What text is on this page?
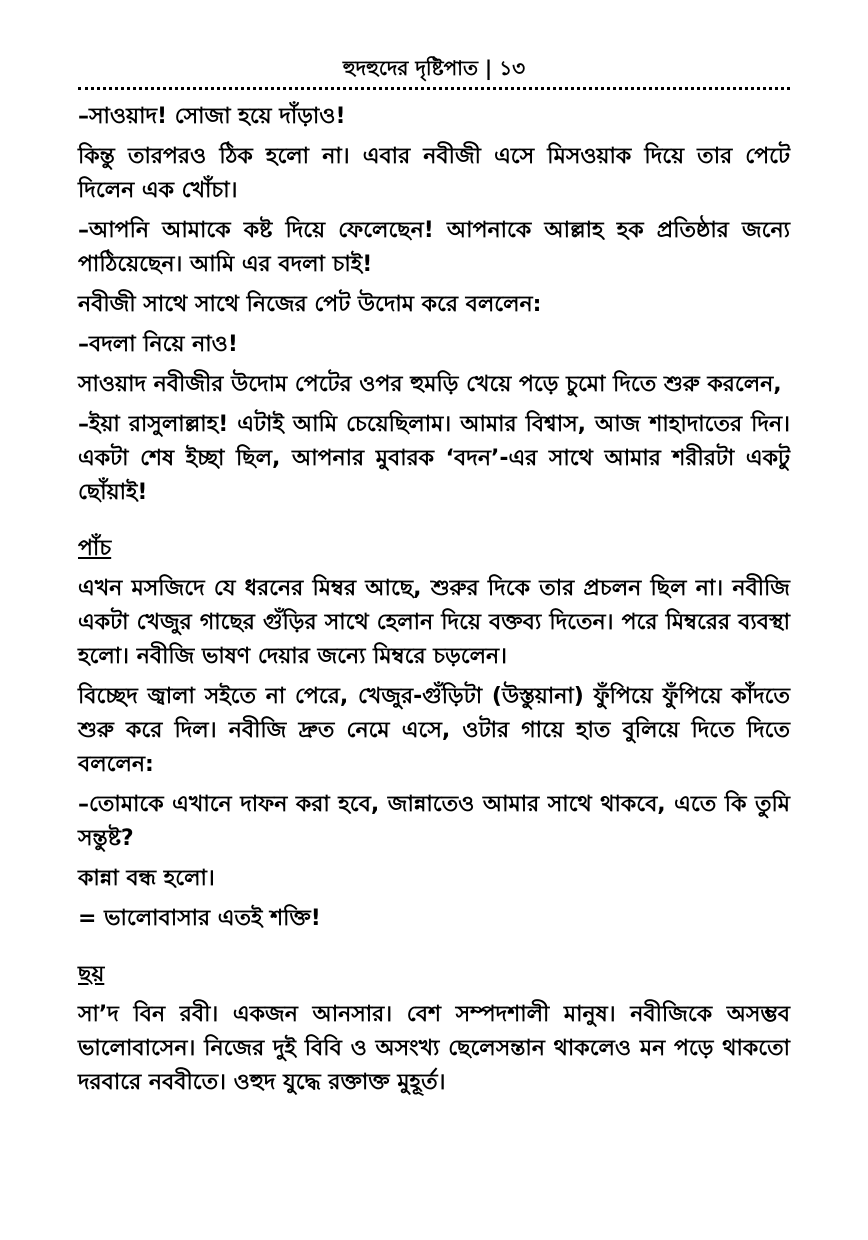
হুদহুদের দৃষ্টিপাত | ১৩

–সাওয়াদ! সোজা হয়ে দাঁড়াও!

কিন্তু তারপরও ঠিক হলো না। এবার নবীজী এসে মিসওয়াক দিয়ে তার পেটে দিলেন এক খোঁচা।

–আপনি আমাকে কষ্ট দিয়ে ফেলেছেন! আপনাকে আল্লাহ হক প্রতিষ্ঠার জন্যে পাঠিয়েছেন। আমি এর বদলা চাই!

নবীজী সাথে সাথে নিজের পেট উদোম করে বললেন:

–বদলা নিয়ে নাও!

সাওয়াদ নবীজীর উদোম পেটের ওপর হুমড়ি খেয়ে পড়ে চুমো দিতে শুরু করলেন,

–ইয়া রাসুলাল্লাহ! এটাই আমি চেয়েছিলাম। আমার বিশ্বাস, আজ শাহাদাতের দিন। একটা শেষ ইচ্ছা ছিল, আপনার মুবারক ‘বদন’-এর সাথে আমার শরীরটা একটু ছোঁয়াই!

পাঁচ

এখন মসজিদে যে ধরনের মিম্বর আছে, শুরুর দিকে তার প্রচলন ছিল না। নবীজি একটা খেজুর গাছের গুঁড়ির সাথে হেলান দিয়ে বক্তব্য দিতেন। পরে মিম্বরের ব্যবস্থা হলো। নবীজি ভাষণ দেয়ার জন্যে মিম্বরে চড়লেন।

বিচ্ছেদ জ্বালা সইতে না পেরে, খেজুর-গুঁড়িটা (উস্তুয়ানা) ফুঁপিয়ে ফুঁপিয়ে কাঁদতে শুরু করে দিল। নবীজি দ্রুত নেমে এসে, ওটার গায়ে হাত বুলিয়ে দিতে দিতে বললেন:

–তোমাকে এখানে দাফন করা হবে, জান্নাতেও আমার সাথে থাকবে, এতে কি তুমি সন্তুষ্ট?

কান্না বন্ধ হলো।

= ভালোবাসার এতই শক্তি!

ছয়

সা’দ বিন রবী। একজন আনসার। বেশ সম্পদশালী মানুষ। নবীজিকে অসম্ভব ভালোবাসেন। নিজের দুই বিবি ও অসংখ্য ছেলেসন্তান থাকলেও মন পড়ে থাকতো দরবারে নববীতে। ওহুদ যুদ্ধে রক্তাক্ত মুহূর্ত।
